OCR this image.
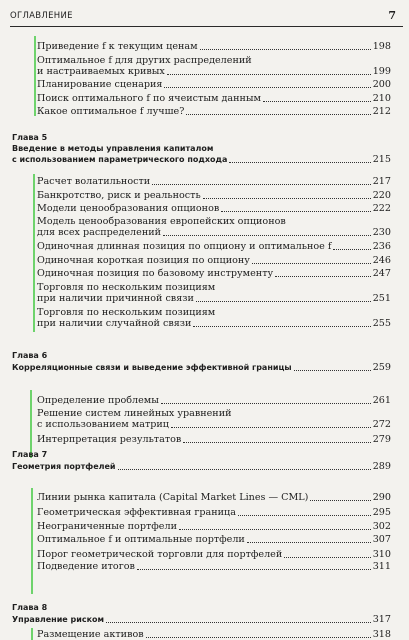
ОГЛАВЛЕНИЕ	7
Приведение f к текущим ценам	198
Оптимальное f для других распределений
и настраиваемых кривых	199
Планирование сценария	200
Поиск оптимального f по ячеистым данным	210
Какое оптимальное f лучше?	212
Глава 5
Введение в методы управления капиталом
с использованием параметрического подхода	215
Расчет волатильности	217
Банкротство, риск и реальность	220
Модели ценообразования опционов	222
Модель ценообразования европейских опционов
для всех распределений	230
Одиночная длинная позиция по опциону и оптимальное f	236
Одиночная короткая позиция по опциону	246
Одиночная позиция по базовому инструменту	247
Торговля по нескольким позициям
при наличии причинной связи	251
Торговля по нескольким позициям
при наличии случайной связи	255
Глава 6
Корреляционные связи и выведение эффективной границы	259
Определение проблемы	261
Решение систем линейных уравнений
с использованием матриц	272
Интерпретация результатов	279
Глава 7
Геометрия портфелей	289
Линии рынка капитала (Capital Market Lines — CML)	290
Геометрическая эффективная граница	295
Неограниченные портфели	302
Оптимальное f и оптимальные портфели	307
Порог геометрической торговли для портфелей	310
Подведение итогов	311
Глава 8
Управление риском	317
Размещение активов	318
